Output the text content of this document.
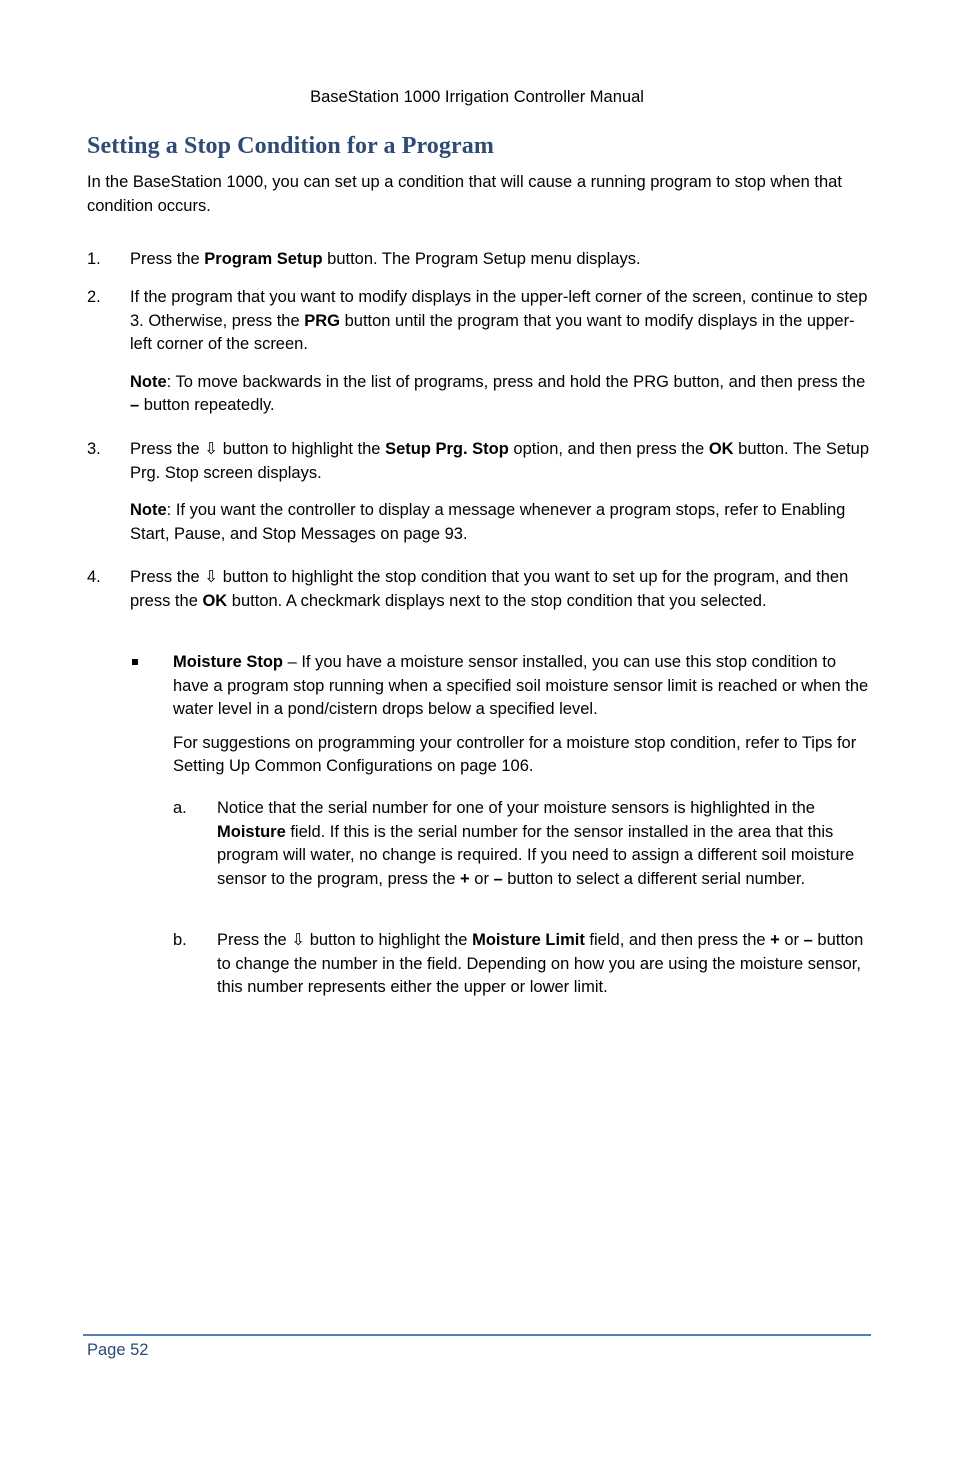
BaseStation 1000 Irrigation Controller Manual
Setting a Stop Condition for a Program

In the BaseStation 1000, you can set up a condition that will cause a running program to stop when that condition occurs.

1. Press the Program Setup button. The Program Setup menu displays.

2. If the program that you want to modify displays in the upper-left corner of the screen, continue to step 3. Otherwise, press the PRG button until the program that you want to modify displays in the upper-left corner of the screen.

Note: To move backwards in the list of programs, press and hold the PRG button, and then press the – button repeatedly.

3. Press the ⇩ button to highlight the Setup Prg. Stop option, and then press the OK button. The Setup Prg. Stop screen displays.

Note: If you want the controller to display a message whenever a program stops, refer to Enabling Start, Pause, and Stop Messages on page 93.

4. Press the ⇩ button to highlight the stop condition that you want to set up for the program, and then press the OK button. A checkmark displays next to the stop condition that you selected.

Moisture Stop – If you have a moisture sensor installed, you can use this stop condition to have a program stop running when a specified soil moisture sensor limit is reached or when the water level in a pond/cistern drops below a specified level.

For suggestions on programming your controller for a moisture stop condition, refer to Tips for Setting Up Common Configurations on page 106.

a. Notice that the serial number for one of your moisture sensors is highlighted in the Moisture field. If this is the serial number for the sensor installed in the area that this program will water, no change is required. If you need to assign a different soil moisture sensor to the program, press the + or – button to select a different serial number.

b. Press the ⇩ button to highlight the Moisture Limit field, and then press the + or – button to change the number in the field. Depending on how you are using the moisture sensor, this number represents either the upper or lower limit.

Page 52
